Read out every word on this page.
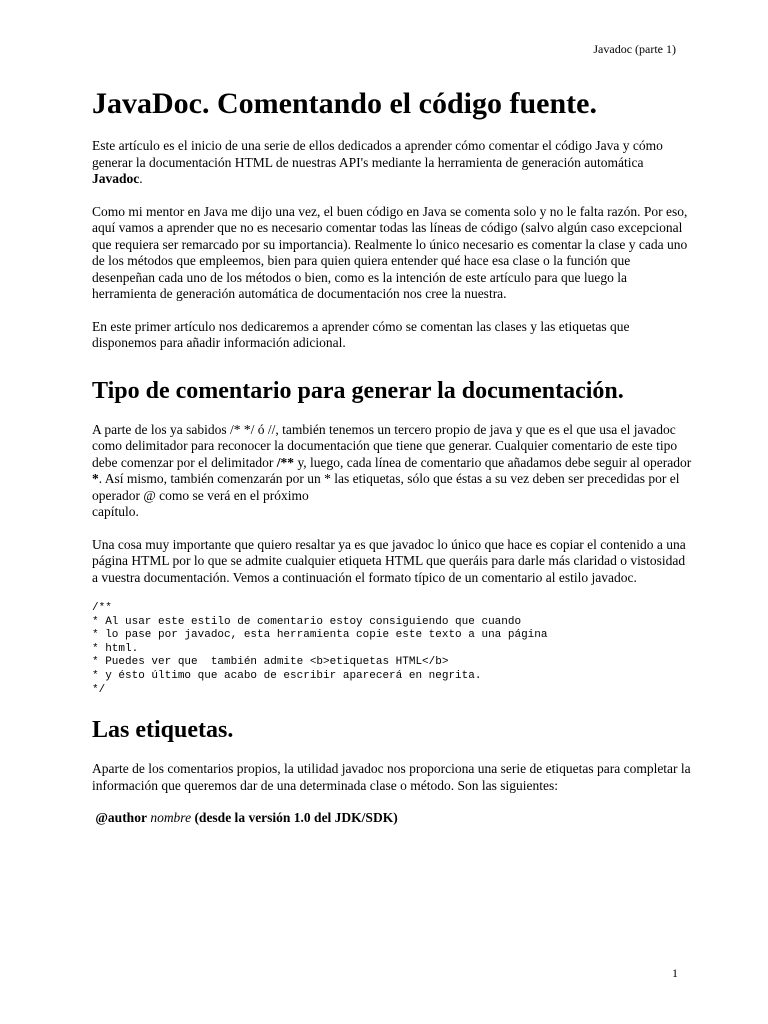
Javadoc (parte 1)
JavaDoc. Comentando el código fuente.

Este artículo es el inicio de una serie de ellos dedicados a aprender cómo comentar el código Java y cómo generar la documentación HTML de nuestras API's mediante la herramienta de generación automática Javadoc.

Como mi mentor en Java me dijo una vez, el buen código en Java se comenta solo y no le falta razón. Por eso, aquí vamos a aprender que no es necesario comentar todas las líneas de código (salvo algún caso excepcional que requiera ser remarcado por su importancia). Realmente lo único necesario es comentar la clase y cada uno de los métodos que empleemos, bien para quien quiera entender qué hace esa clase o la función que desenpeñan cada uno de los métodos o bien, como es la intención de este artículo para que luego la herramienta de generación automática de documentación nos cree la nuestra.

En este primer artículo nos dedicaremos a aprender cómo se comentan las clases y las etiquetas que disponemos para añadir información adicional.

Tipo de comentario para generar la documentación.

A parte de los ya sabidos /* */ ó //, también tenemos un tercero propio de java y que es el que usa el javadoc como delimitador para reconocer la documentación que tiene que generar. Cualquier comentario de este tipo debe comenzar por el delimitador /** y, luego, cada línea de comentario que añadamos debe seguir al operador *. Así mismo, también comenzarán por un * las etiquetas, sólo que éstas a su vez deben ser precedidas por el operador @ como se verá en el próximo
capítulo.

Una cosa muy importante que quiero resaltar ya es que javadoc lo único que hace es copiar el contenido a una página HTML por lo que se admite cualquier etiqueta HTML que queráis para darle más claridad o vistosidad a vuestra documentación. Vemos a continuación el formato típico de un comentario al estilo javadoc.

/**
* Al usar este estilo de comentario estoy consiguiendo que cuando
* lo pase por javadoc, esta herramienta copie este texto a una página
* html.
* Puedes ver que  también admite <b>etiquetas HTML</b>
* y ésto último que acabo de escribir aparecerá en negrita.
*/
Las etiquetas.

Aparte de los comentarios propios, la utilidad javadoc nos proporciona una serie de etiquetas para completar la información que queremos dar de una determinada clase o método. Son las siguientes:

@author nombre (desde la versión 1.0 del JDK/SDK)

1
